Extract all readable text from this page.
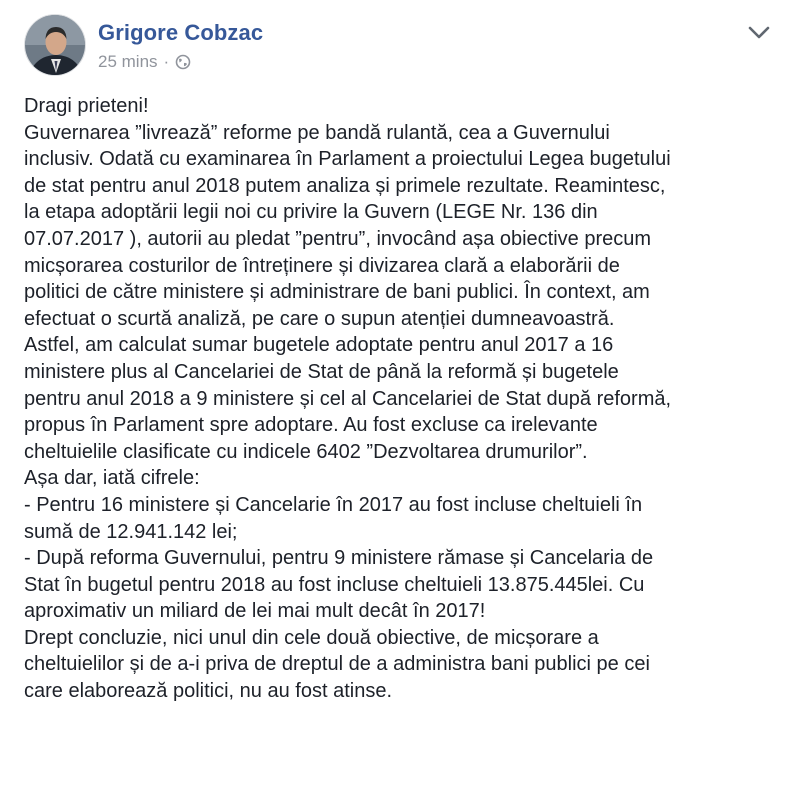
Grigore Cobzac
25 mins ·

Dragi prieteni!

Guvernarea ”livrează” reforme pe bandă rulantă, cea a Guvernului

inclusiv. Odată cu examinarea în Parlament a proiectului Legea bugetului

de stat pentru anul 2018 putem analiza și primele rezultate. Reamintesc,

la etapa adoptării legii noi cu privire la Guvern (LEGE Nr. 136 din

07.07.2017 ), autorii au pledat ”pentru”, invocând așa obiective precum

micșorarea costurilor de întreținere și divizarea clară a elaborării de

politici de către ministere și administrare de bani publici. În context, am

efectuat o scurtă analiză, pe care o supun atenției dumneavoastră.

Astfel, am calculat sumar bugetele adoptate pentru anul 2017 a 16

ministere plus al Cancelariei de Stat de până la reformă și bugetele

pentru anul 2018 a 9 ministere și cel al Cancelariei de Stat după reformă,

propus în Parlament spre adoptare. Au fost excluse ca irelevante

cheltuielile clasificate cu indicele 6402 ”Dezvoltarea drumurilor”.

Așa dar, iată cifrele:

- Pentru 16 ministere și Cancelarie în 2017 au fost incluse cheltuieli în

sumă de 12.941.142 lei;

- După reforma Guvernului, pentru 9 ministere rămase și Cancelaria de

Stat în bugetul pentru 2018 au fost incluse cheltuieli 13.875.445lei. Cu

aproximativ un miliard de lei mai mult decât în 2017!

Drept concluzie, nici unul din cele două obiective, de micșorare a

cheltuielilor și de a-i priva de dreptul de a administra bani publici pe cei

care elaborează politici, nu au fost atinse.
